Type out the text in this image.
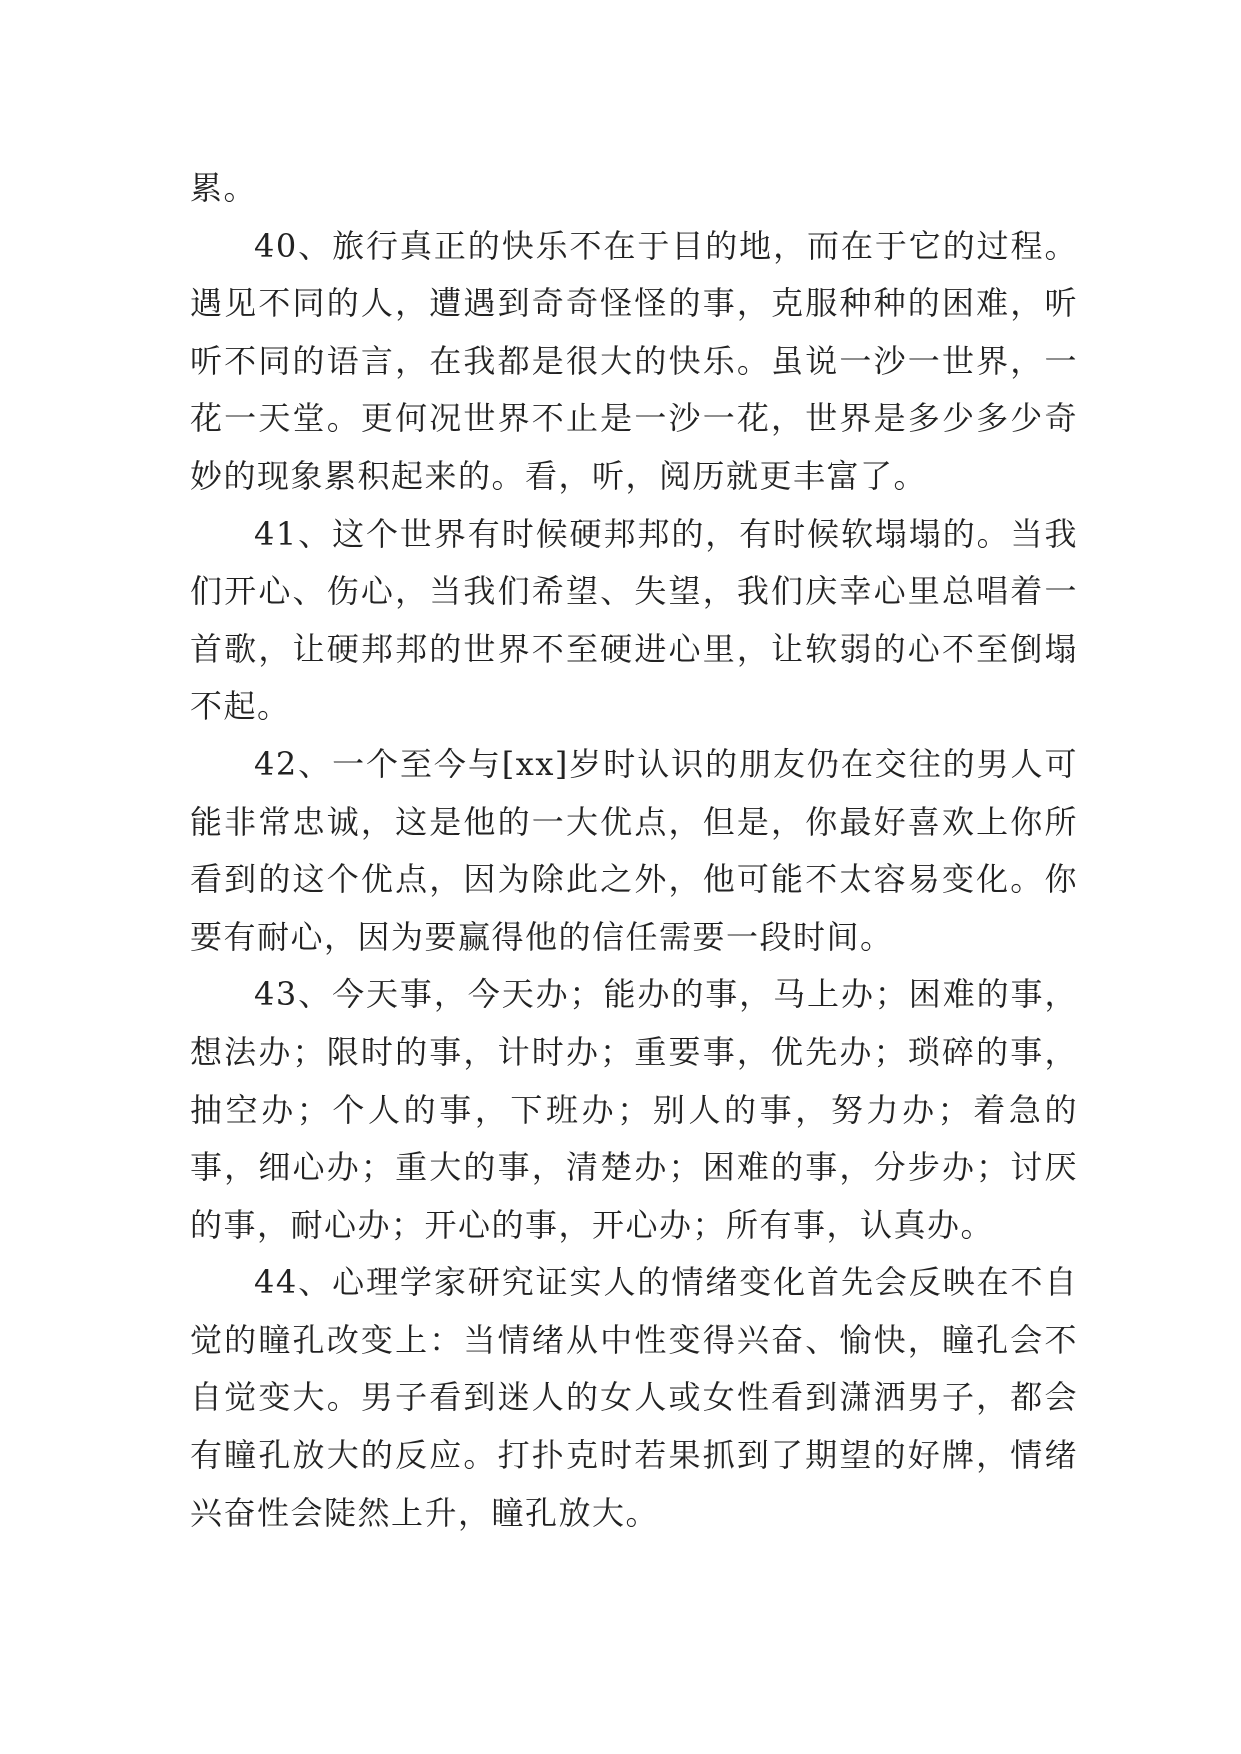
累。

40、旅行真正的快乐不在于目的地，而在于它的过程。遇见不同的人，遭遇到奇奇怪怪的事，克服种种的困难，听听不同的语言，在我都是很大的快乐。虽说一沙一世界，一花一天堂。更何况世界不止是一沙一花，世界是多少多少奇妙的现象累积起来的。看，听，阅历就更丰富了。

41、这个世界有时候硬邦邦的，有时候软塌塌的。当我们开心、伤心，当我们希望、失望，我们庆幸心里总唱着一首歌，让硬邦邦的世界不至硬进心里，让软弱的心不至倒塌不起。

42、一个至今与[xx]岁时认识的朋友仍在交往的男人可能非常忠诚，这是他的一大优点，但是，你最好喜欢上你所看到的这个优点，因为除此之外，他可能不太容易变化。你要有耐心，因为要赢得他的信任需要一段时间。

43、今天事，今天办；能办的事，马上办；困难的事，想法办；限时的事，计时办；重要事，优先办；琐碎的事，抽空办；个人的事，下班办；别人的事，努力办；着急的事，细心办；重大的事，清楚办；困难的事，分步办；讨厌的事，耐心办；开心的事，开心办；所有事，认真办。

44、心理学家研究证实人的情绪变化首先会反映在不自觉的瞳孔改变上：当情绪从中性变得兴奋、愉快，瞳孔会不自觉变大。男子看到迷人的女人或女性看到潇洒男子，都会有瞳孔放大的反应。打扑克时若果抓到了期望的好牌，情绪兴奋性会陡然上升，瞳孔放大。
